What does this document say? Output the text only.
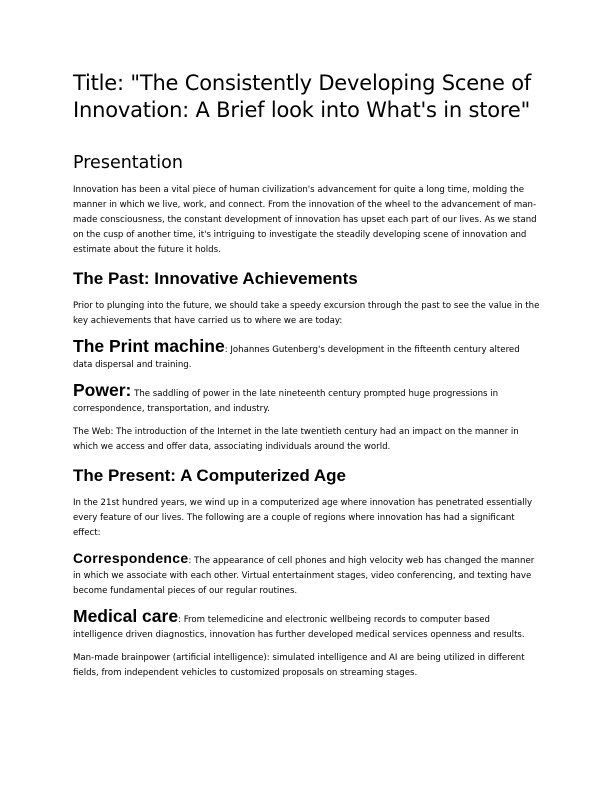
Title: "The Consistently Developing Scene of Innovation: A Brief look into What's in store"
Presentation

Innovation has been a vital piece of human civilization's advancement for quite a long time, molding the manner in which we live, work, and connect. From the innovation of the wheel to the advancement of man-made consciousness, the constant development of innovation has upset each part of our lives. As we stand on the cusp of another time, it's intriguing to investigate the steadily developing scene of innovation and estimate about the future it holds.

The Past: Innovative Achievements

Prior to plunging into the future, we should take a speedy excursion through the past to see the value in the key achievements that have carried us to where we are today:

The Print machine: Johannes Gutenberg's development in the fifteenth century altered data dispersal and training.

Power: The saddling of power in the late nineteenth century prompted huge progressions in correspondence, transportation, and industry.

The Web: The introduction of the Internet in the late twentieth century had an impact on the manner in which we access and offer data, associating individuals around the world.

The Present: A Computerized Age

In the 21st hundred years, we wind up in a computerized age where innovation has penetrated essentially every feature of our lives. The following are a couple of regions where innovation has had a significant effect:

Correspondence: The appearance of cell phones and high velocity web has changed the manner in which we associate with each other. Virtual entertainment stages, video conferencing, and texting have become fundamental pieces of our regular routines.

Medical care: From telemedicine and electronic wellbeing records to computer based intelligence driven diagnostics, innovation has further developed medical services openness and results.

Man-made brainpower (artificial intelligence): simulated intelligence and AI are being utilized in different fields, from independent vehicles to customized proposals on streaming stages.
